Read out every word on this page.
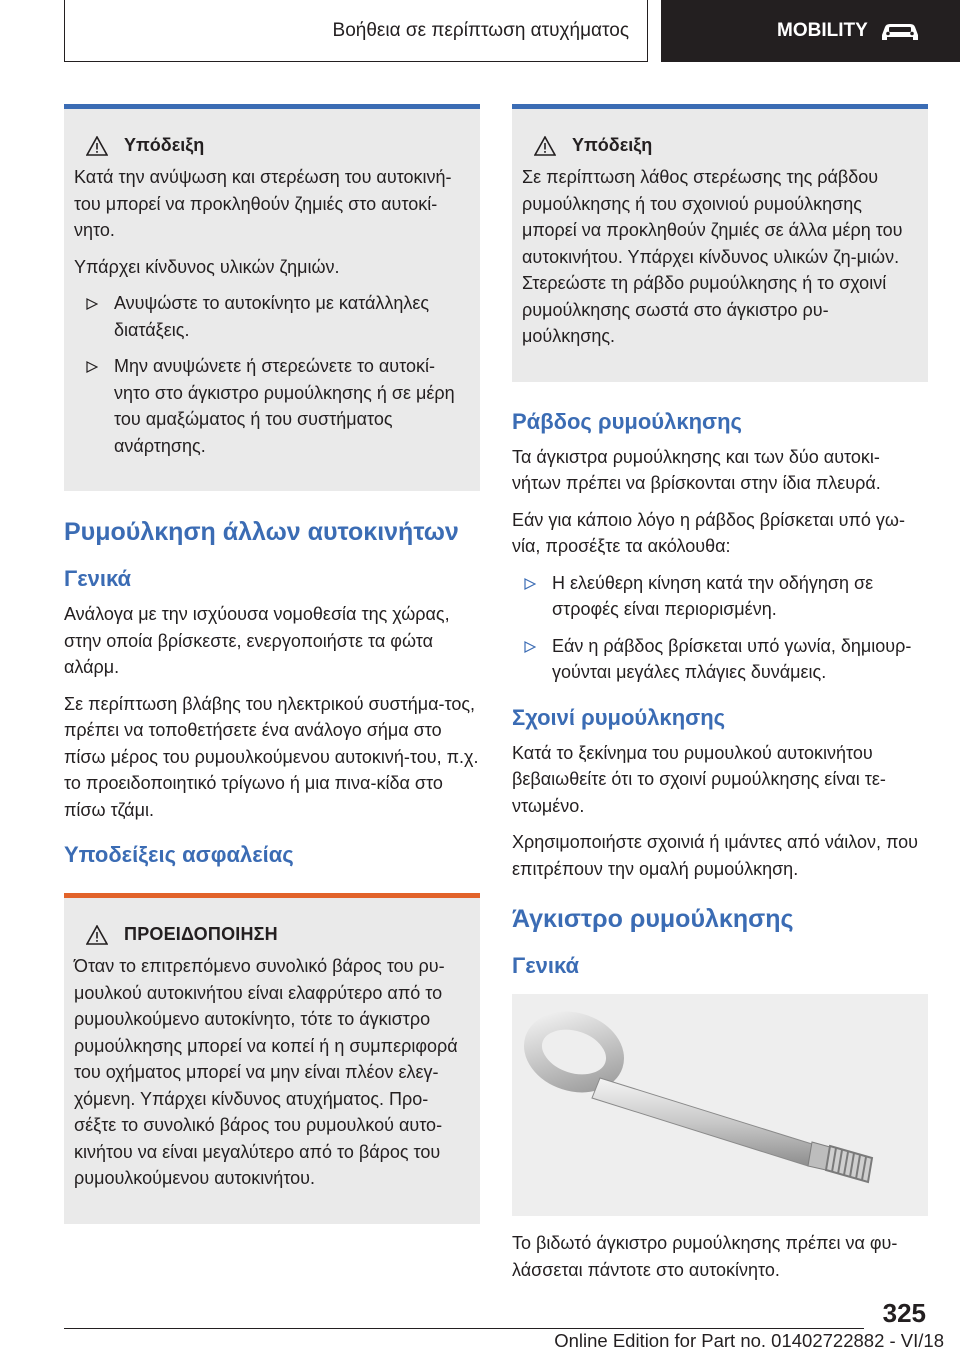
Βοήθεια σε περίπτωση ατυχήματος	MOBILITY
Υπόδειξη

Κατά την ανύψωση και στερέωση του αυτοκινή‐του μπορεί να προκληθούν ζημιές στο αυτοκί‐νητο.

Υπάρχει κίνδυνος υλικών ζημιών.

Ανυψώστε το αυτοκίνητο με κατάλληλες διατάξεις.
Μην ανυψώνετε ή στερεώνετε το αυτοκί‐νητο στο άγκιστρο ρυμούλκησης ή σε μέρη του αμαξώματος ή του συστήματος ανάρτησης.
Ρυμούλκηση άλλων αυτοκινήτων
Γενικά

Ανάλογα με την ισχύουσα νομοθεσία της χώρας, στην οποία βρίσκεστε, ενεργοποιήστε τα φώτα αλάρμ.

Σε περίπτωση βλάβης του ηλεκτρικού συστήμα‐τος, πρέπει να τοποθετήσετε ένα ανάλογο σήμα στο πίσω μέρος του ρυμουλκούμενου αυτοκινή‐του, π.χ. το προειδοποιητικό τρίγωνο ή μια πινα‐κίδα στο πίσω τζάμι.

Υποδείξεις ασφαλείας
ΠΡΟΕΙΔΟΠΟΙΗΣΗ

Όταν το επιτρεπόμενο συνολικό βάρος του ρυ‐μουλκού αυτοκινήτου είναι ελαφρύτερο από το ρυμουλκούμενο αυτοκίνητο, τότε το άγκιστρο ρυμούλκησης μπορεί να κοπεί ή η συμπεριφορά του οχήματος μπορεί να μην είναι πλέον ελεγ‐χόμενη. Υπάρχει κίνδυνος ατυχήματος. Προ‐σέξτε το συνολικό βάρος του ρυμουλκού αυτο‐κινήτου να είναι μεγαλύτερο από το βάρος του ρυμουλκούμενου αυτοκινήτου.

Υπόδειξη

Σε περίπτωση λάθος στερέωσης της ράβδου ρυμούλκησης ή του σχοινιού ρυμούλκησης μπορεί να προκληθούν ζημιές σε άλλα μέρη του αυτοκινήτου. Υπάρχει κίνδυνος υλικών ζη‐μιών. Στερεώστε τη ράβδο ρυμούλκησης ή το σχοινί ρυμούλκησης σωστά στο άγκιστρο ρυ‐μούλκησης.

Ράβδος ρυμούλκησης

Τα άγκιστρα ρυμούλκησης και των δύο αυτοκι‐νήτων πρέπει να βρίσκονται στην ίδια πλευρά.

Εάν για κάποιο λόγο η ράβδος βρίσκεται υπό γω‐νία, προσέξτε τα ακόλουθα:

Η ελεύθερη κίνηση κατά την οδήγηση σε στροφές είναι περιορισμένη.
Εάν η ράβδος βρίσκεται υπό γωνία, δημιουρ‐γούνται μεγάλες πλάγιες δυνάμεις.
Σχοινί ρυμούλκησης

Κατά το ξεκίνημα του ρυμουλκού αυτοκινήτου βεβαιωθείτε ότι το σχοινί ρυμούλκησης είναι τε‐ντωμένο.

Χρησιμοποιήστε σχοινιά ή ιμάντες από νάιλον, που επιτρέπουν την ομαλή ρυμούλκηση.

Άγκιστρο ρυμούλκησης
Γενικά

Το βιδωτό άγκιστρο ρυμούλκησης πρέπει να φυ‐λάσσεται πάντοτε στο αυτοκίνητο.

325
Online Edition for Part no. 01402722882 - VI/18
